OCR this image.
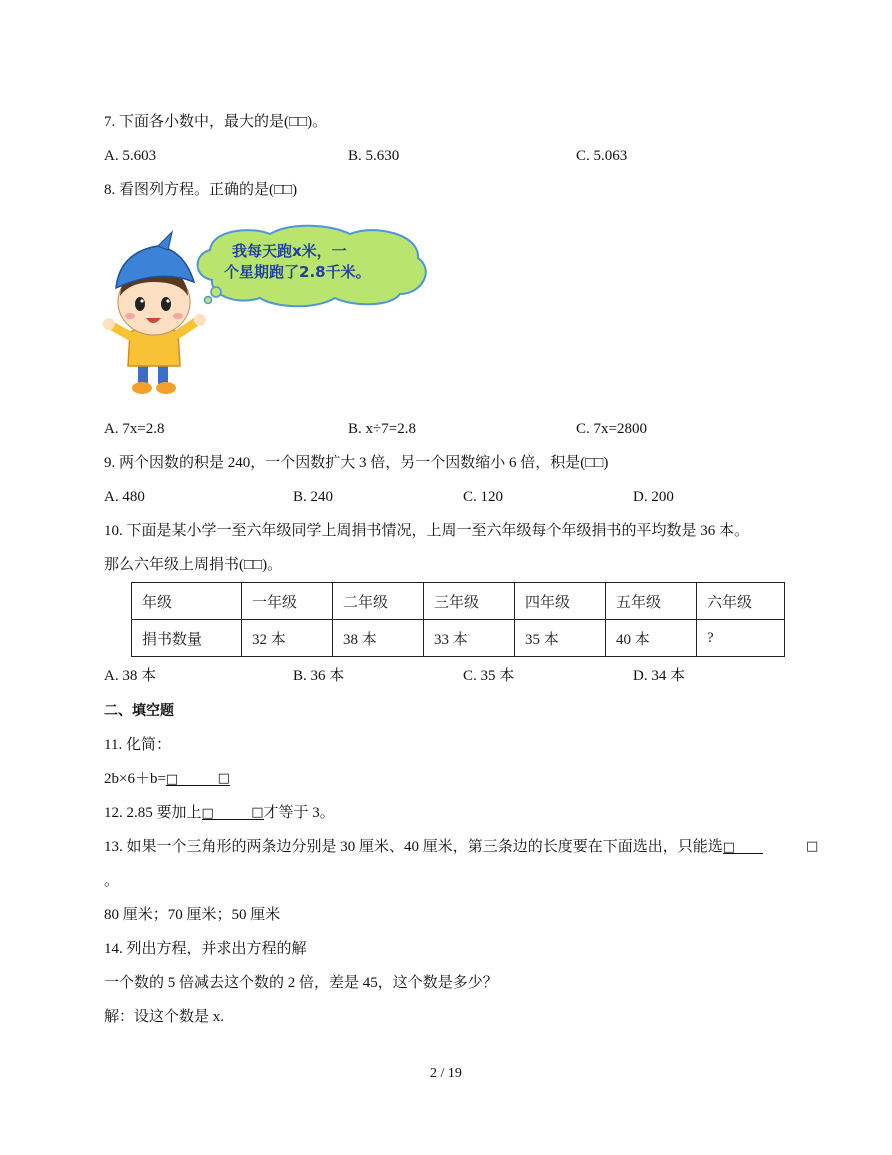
7. 下面各小数中，最大的是(□□)。
A. 5.603	B. 5.630	C. 5.063
8. 看图列方程。正确的是(□□)
我每天跑x米，一
个星期跑了2.8千米。
A. 7x=2.8	B. x÷7=2.8	C. 7x=2800
9. 两个因数的积是 240，一个因数扩大 3 倍，另一个因数缩小 6 倍，积是(□□)
A. 480	B. 240	C. 120	D. 200
10. 下面是某小学一至六年级同学上周捐书情况，上周一至六年级每个年级捐书的平均数是 36 本。
那么六年级上周捐书(□□)。
年级	一年级	二年级	三年级	四年级	五年级	六年级
捐书数量	32 本	38 本	33 本	35 本	40 本	?
A. 38 本	B. 36 本	C. 35 本	D. 34 本
二、填空题
11. 化简：
2b×6＋b=□	□
12. 2.85 要加上□	□ 才等于 3。
13. 如果一个三角形的两条边分别是 30 厘米、40 厘米，第三条边的长度要在下面选出，只能选□	□
。
80 厘米；70 厘米；50 厘米
14. 列出方程，并求出方程的解
一个数的 5 倍减去这个数的 2 倍，差是 45，这个数是多少？
解：设这个数是 x.
2 / 19
